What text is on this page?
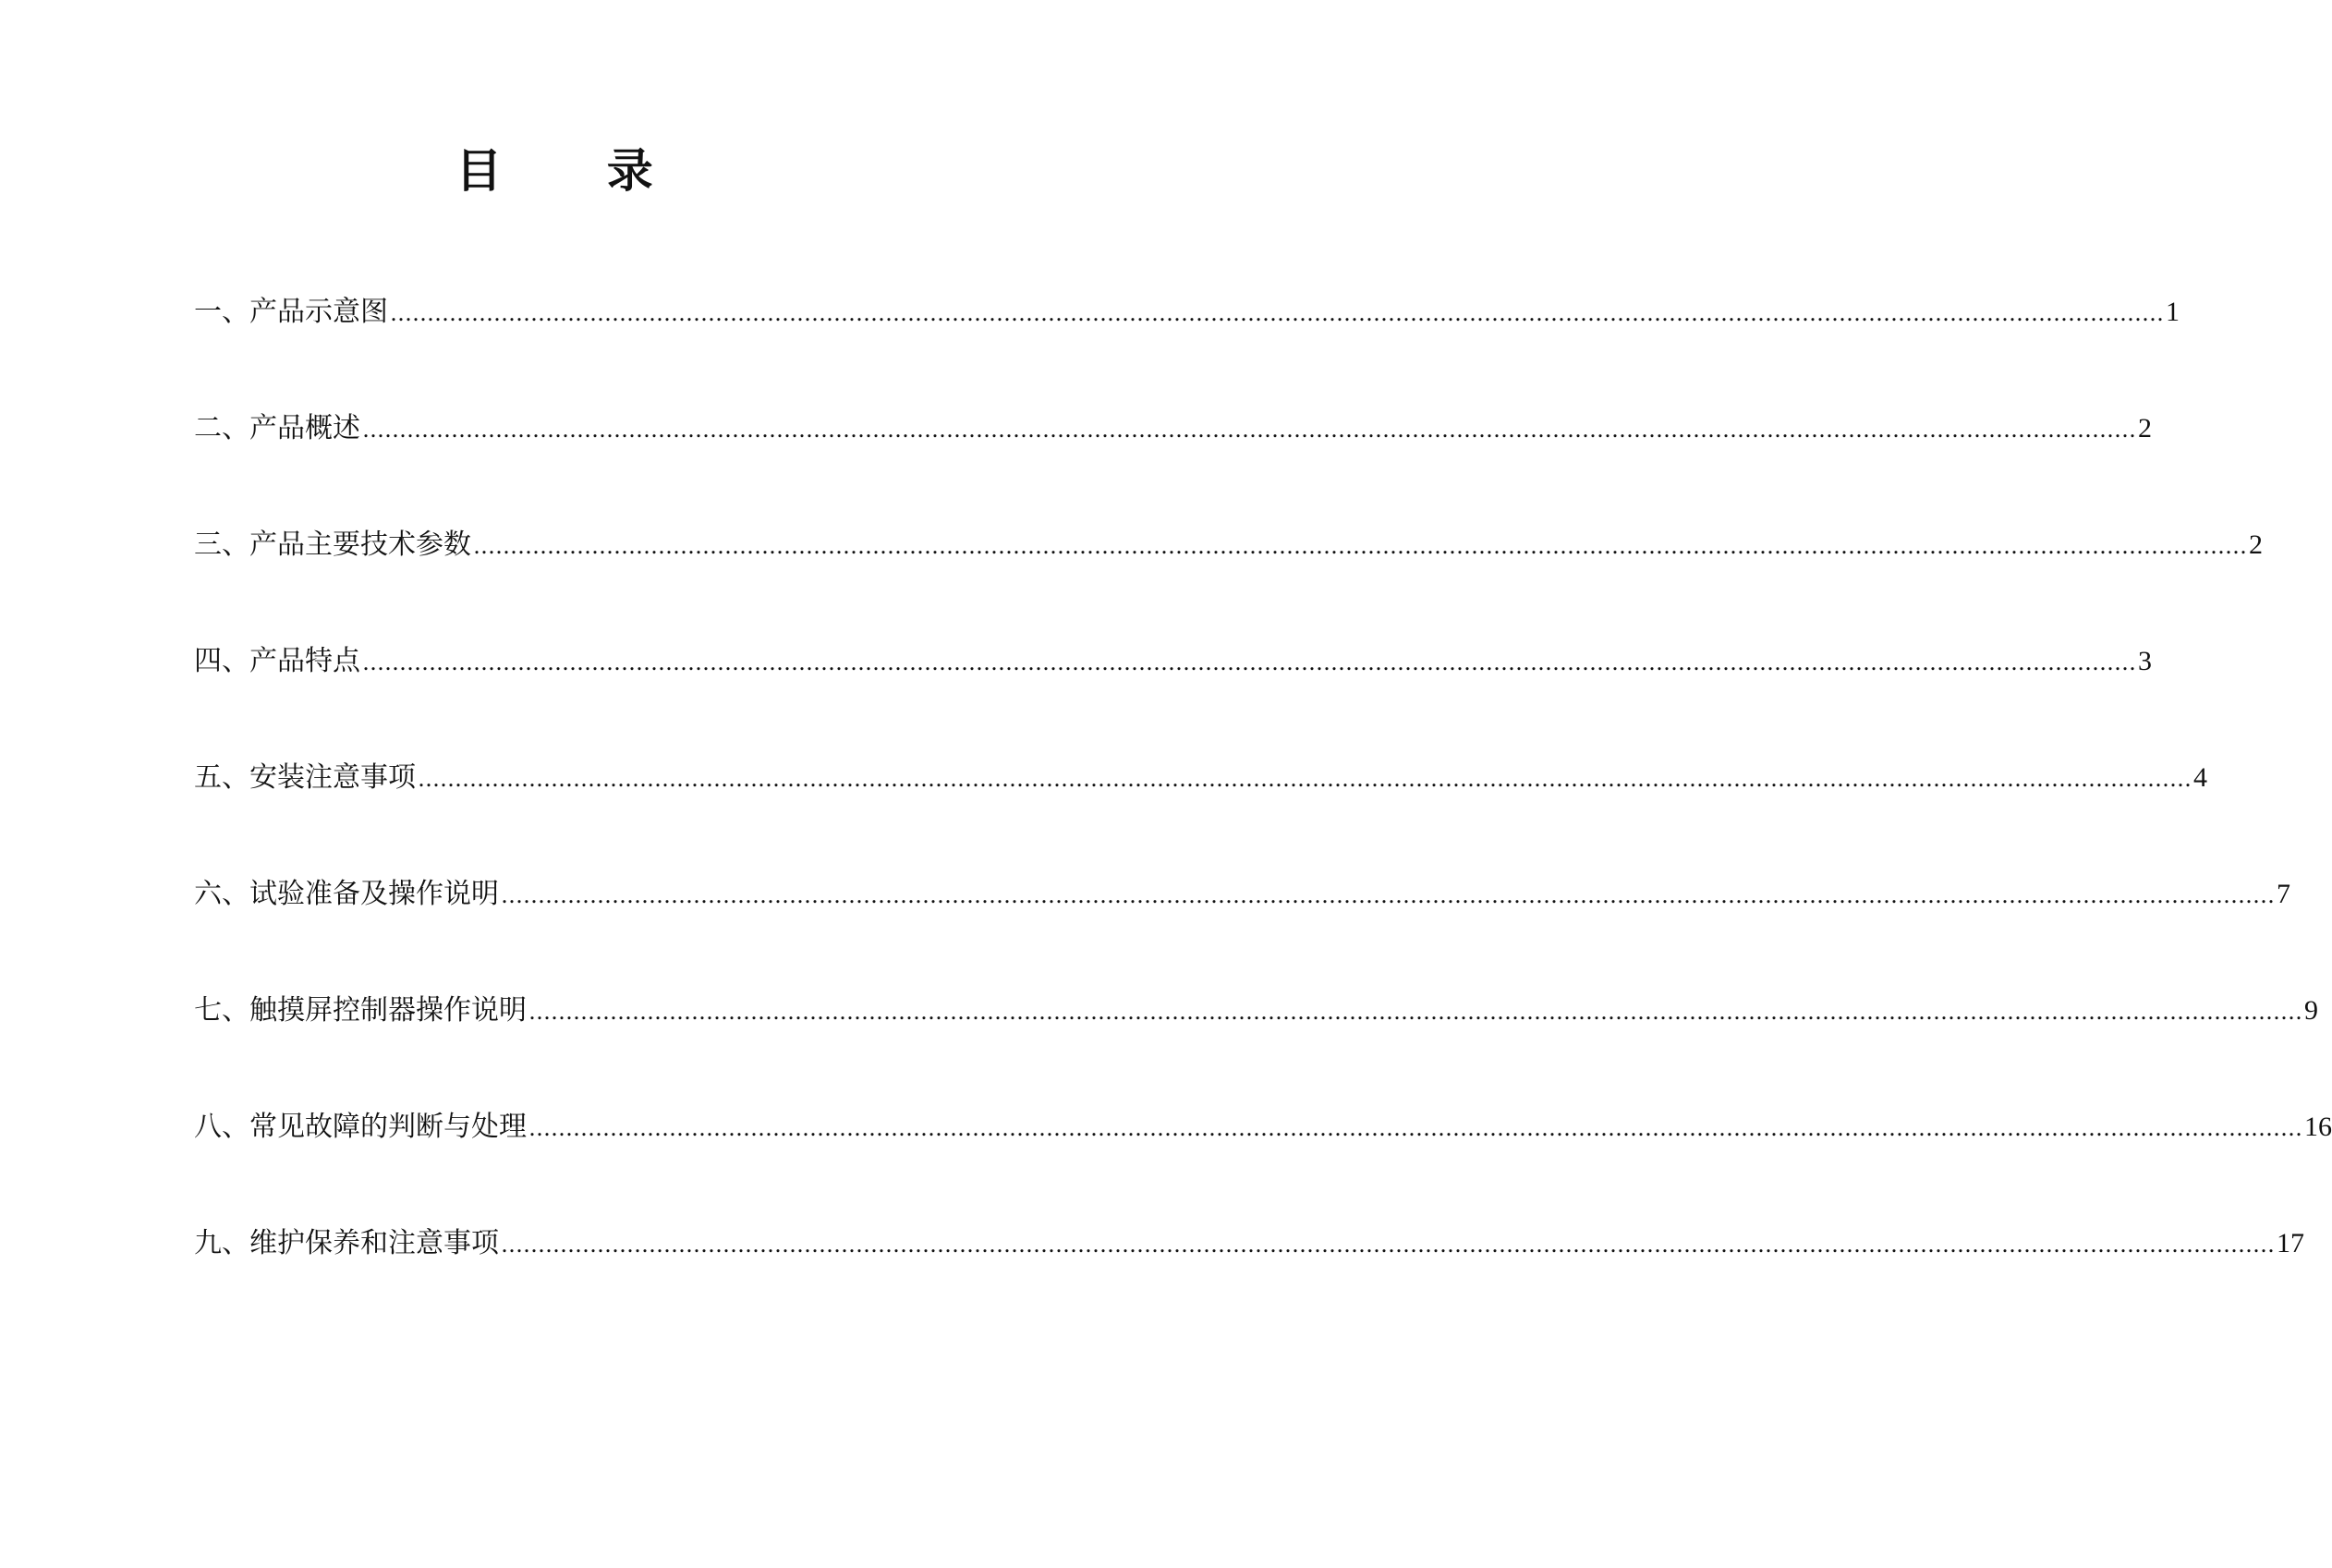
目 录
一、产品示意图 …………………………………………………………………………………………………………………………………………………………………………………………………………………… 1
二、产品概述 …………………………………………………………………………………………………………………………………………………………………………………………………………………… 2
三、产品主要技术参数 …………………………………………………………………………………………………………………………………………………………………………………………………………………… 2
四、产品特点 …………………………………………………………………………………………………………………………………………………………………………………………………………………… 3
五、安装注意事项 …………………………………………………………………………………………………………………………………………………………………………………………………………………… 4
六、试验准备及操作说明 …………………………………………………………………………………………………………………………………………………………………………………………………………………… 7
七、触摸屏控制器操作说明 …………………………………………………………………………………………………………………………………………………………………………………………………………………… 9
八、常见故障的判断与处理 …………………………………………………………………………………………………………………………………………………………………………………………………………………… 16
九、维护保养和注意事项 …………………………………………………………………………………………………………………………………………………………………………………………………………………… 17
